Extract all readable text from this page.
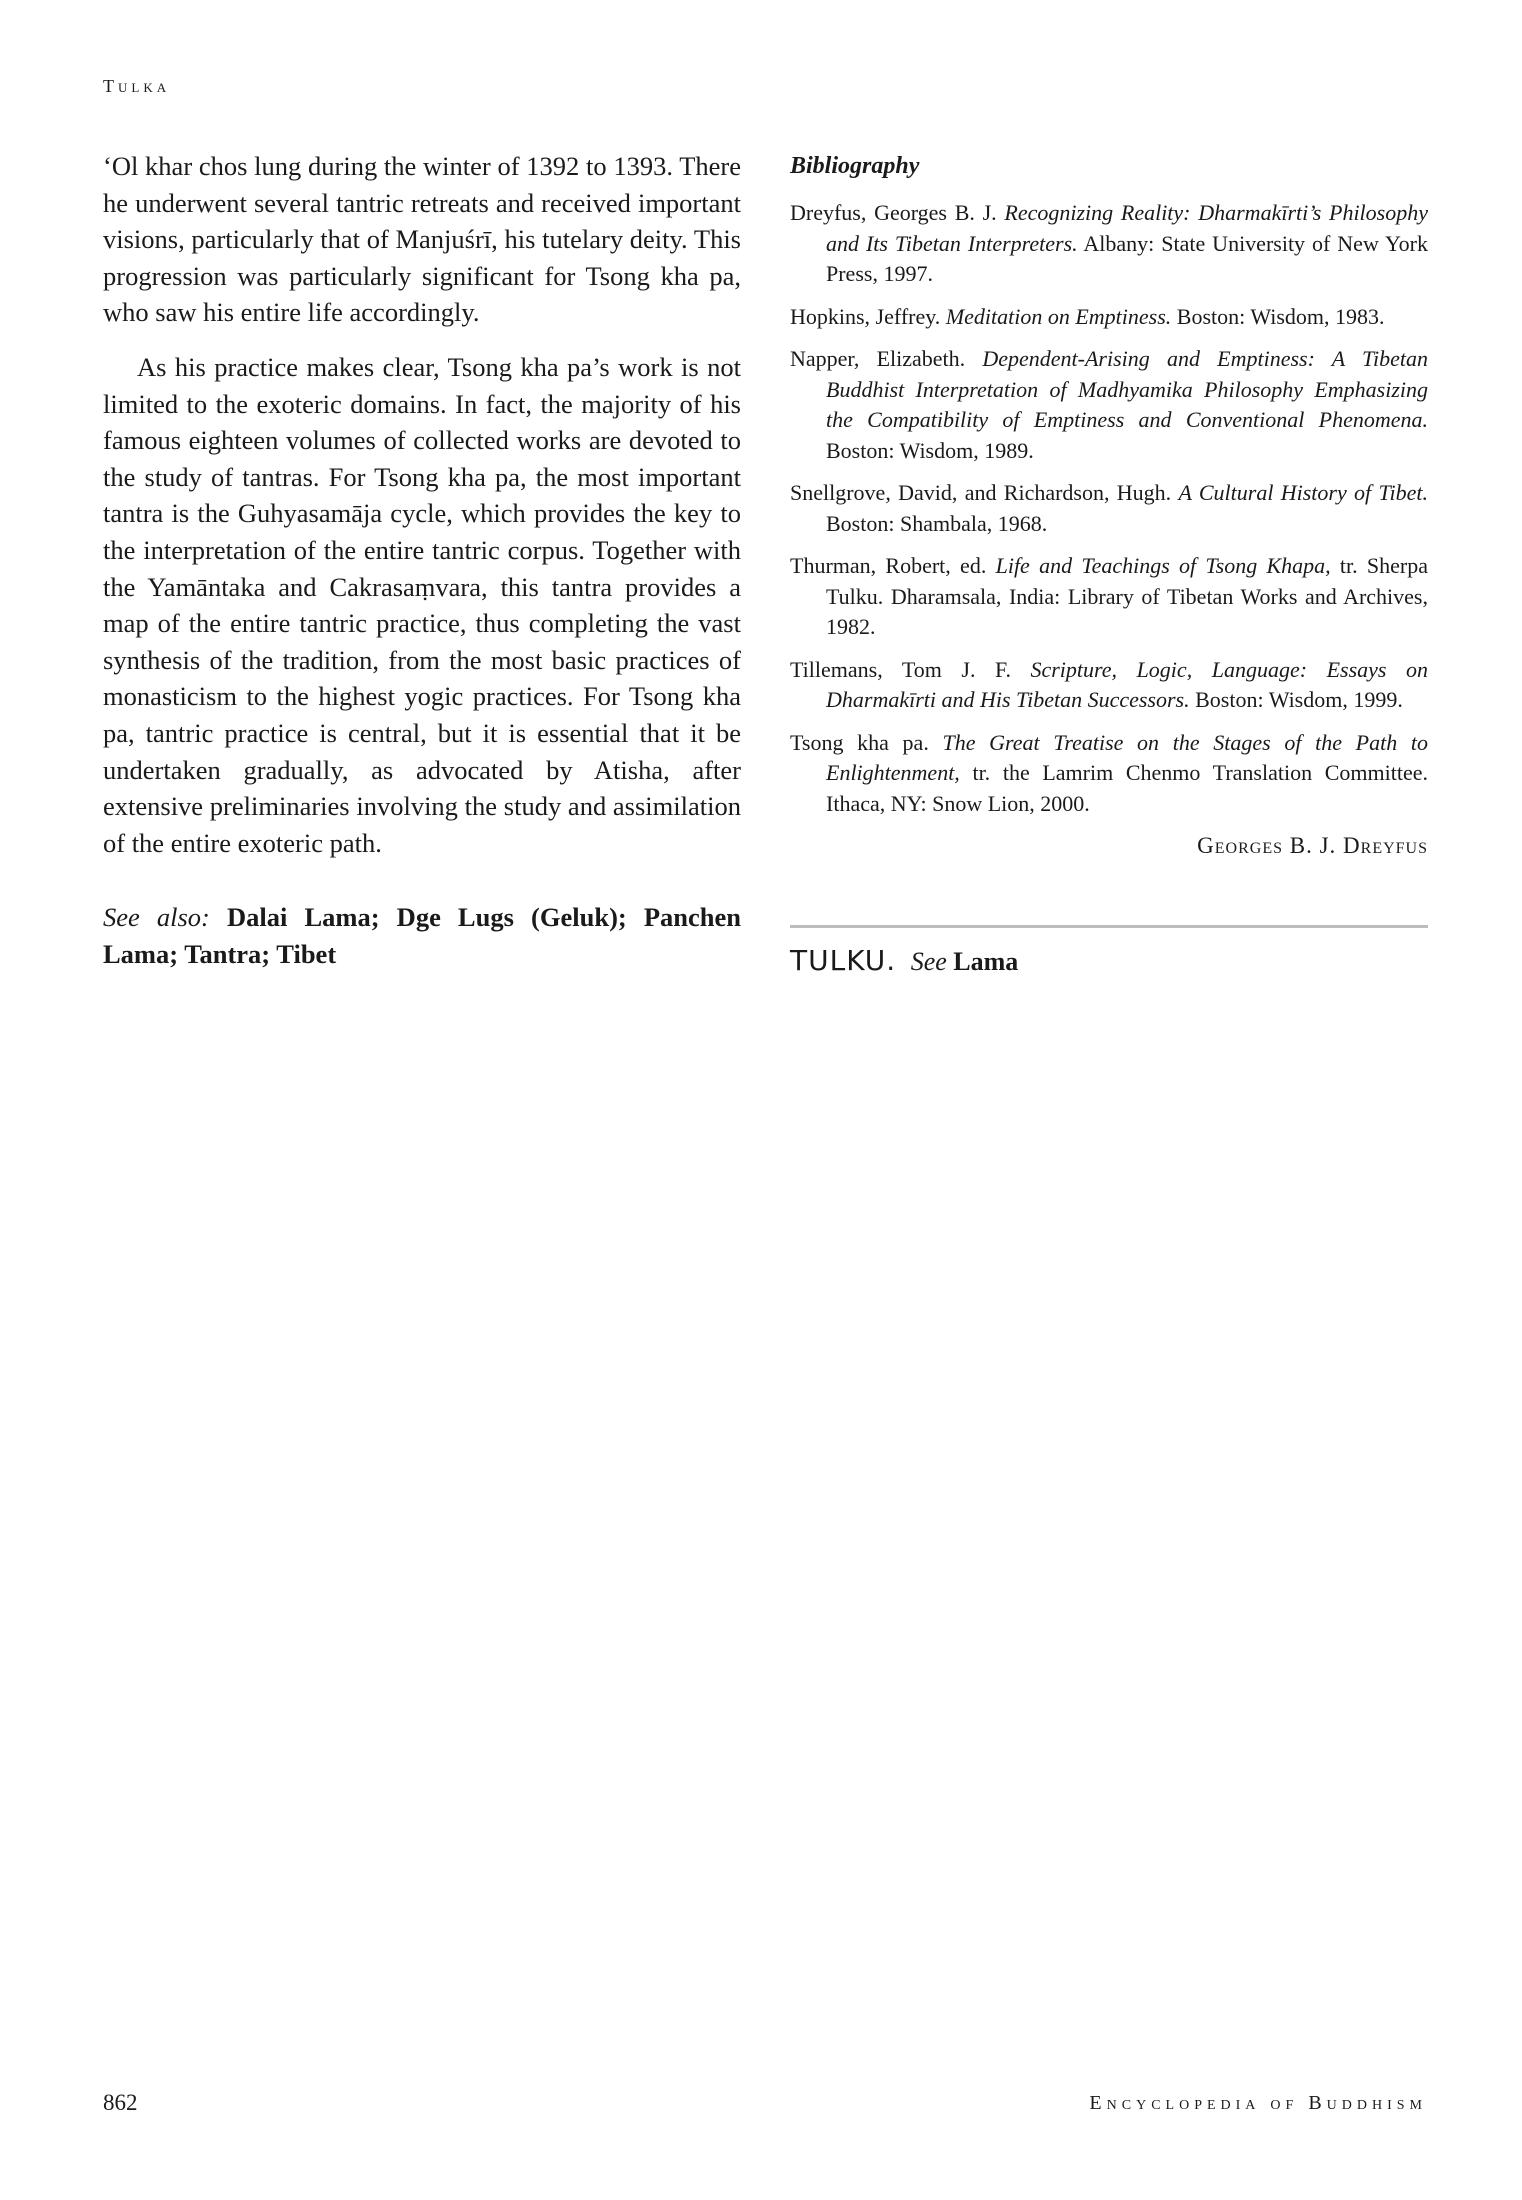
Tulka

‘Ol khar chos lung during the winter of 1392 to 1393. There he underwent several tantric retreats and received important visions, particularly that of Manjuśrī, his tutelary deity. This progression was particularly significant for Tsong kha pa, who saw his entire life accordingly.

As his practice makes clear, Tsong kha pa’s work is not limited to the exoteric domains. In fact, the majority of his famous eighteen volumes of collected works are devoted to the study of tantras. For Tsong kha pa, the most important tantra is the Guhyasamāja cycle, which provides the key to the interpretation of the entire tantric corpus. Together with the Yamāntaka and Cakrasaṃvara, this tantra provides a map of the entire tantric practice, thus completing the vast synthesis of the tradition, from the most basic practices of monasticism to the highest yogic practices. For Tsong kha pa, tantric practice is central, but it is essential that it be undertaken gradually, as advocated by Atisha, after extensive preliminaries involving the study and assimilation of the entire exoteric path.

See also: Dalai Lama; Dge Lugs (Geluk); Panchen Lama; Tantra; Tibet
Bibliography
Dreyfus, Georges B. J. Recognizing Reality: Dharmakīrti’s Philosophy and Its Tibetan Interpreters. Albany: State University of New York Press, 1997.
Hopkins, Jeffrey. Meditation on Emptiness. Boston: Wisdom, 1983.
Napper, Elizabeth. Dependent-Arising and Emptiness: A Tibetan Buddhist Interpretation of Madhyamika Philosophy Emphasizing the Compatibility of Emptiness and Conventional Phenomena. Boston: Wisdom, 1989.
Snellgrove, David, and Richardson, Hugh. A Cultural History of Tibet. Boston: Shambala, 1968.
Thurman, Robert, ed. Life and Teachings of Tsong Khapa, tr. Sherpa Tulku. Dharamsala, India: Library of Tibetan Works and Archives, 1982.
Tillemans, Tom J. F. Scripture, Logic, Language: Essays on Dharmakīrti and His Tibetan Successors. Boston: Wisdom, 1999.
Tsong kha pa. The Great Treatise on the Stages of the Path to Enlightenment, tr. the Lamrim Chenmo Translation Committee. Ithaca, NY: Snow Lion, 2000.
Georges B. J. Dreyfus
TULKU. See Lama
862	Encyclopedia of Buddhism
